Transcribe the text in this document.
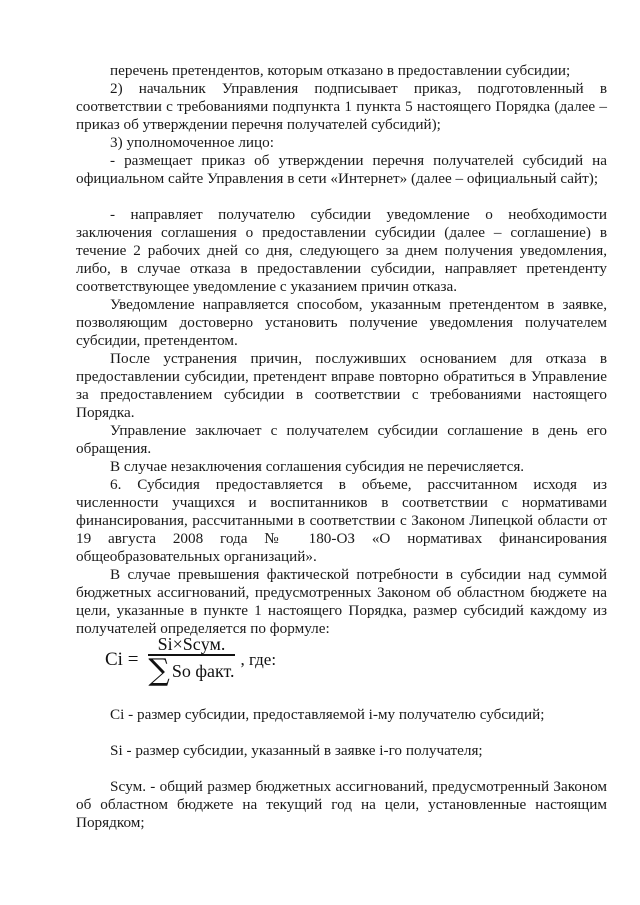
перечень претендентов, которым отказано в предоставлении субсидии;

2) начальник Управления подписывает приказ, подготовленный в соответствии с требованиями подпункта 1 пункта 5 настоящего Порядка (далее – приказ об утверждении перечня получателей субсидий);

3) уполномоченное лицо:

- размещает приказ об утверждении перечня получателей субсидий на официальном сайте Управления в сети «Интернет» (далее – официальный сайт);

- направляет получателю субсидии уведомление о необходимости заключения соглашения о предоставлении субсидии (далее – соглашение) в течение 2 рабочих дней со дня, следующего за днем получения уведомления, либо, в случае отказа в предоставлении субсидии, направляет претенденту соответствующее уведомление с указанием причин отказа.

Уведомление направляется способом, указанным претендентом в заявке, позволяющим достоверно установить получение уведомления получателем субсидии, претендентом.

После устранения причин, послуживших основанием для отказа в предоставлении субсидии, претендент вправе повторно обратиться в Управление за предоставлением субсидии в соответствии с требованиями настоящего Порядка.

Управление заключает с получателем субсидии соглашение в день его обращения.

В случае незаключения соглашения субсидия не перечисляется.

6. Субсидия предоставляется в объеме, рассчитанном исходя из численности учащихся и воспитанников в соответствии с нормативами финансирования, рассчитанными в соответствии с Законом Липецкой области от 19 августа 2008 года № 180-ОЗ «О нормативах финансирования общеобразовательных организаций».

В случае превышения фактической потребности в субсидии над суммой бюджетных ассигнований, предусмотренных Законом об областном бюджете на цели, указанные в пункте 1 настоящего Порядка, размер субсидий каждому из получателей определяется по формуле:

$Ci = \frac{\text{Si×Scум.}}{\text{∑ So факт.}}$ , где:

Ci - размер субсидии, предоставляемой i-му получателю субсидий;

Si - размер субсидии, указанный в заявке i-го получателя;

Scум. - общий размер бюджетных ассигнований, предусмотренный Законом об областном бюджете на текущий год на цели, установленные настоящим Порядком;
